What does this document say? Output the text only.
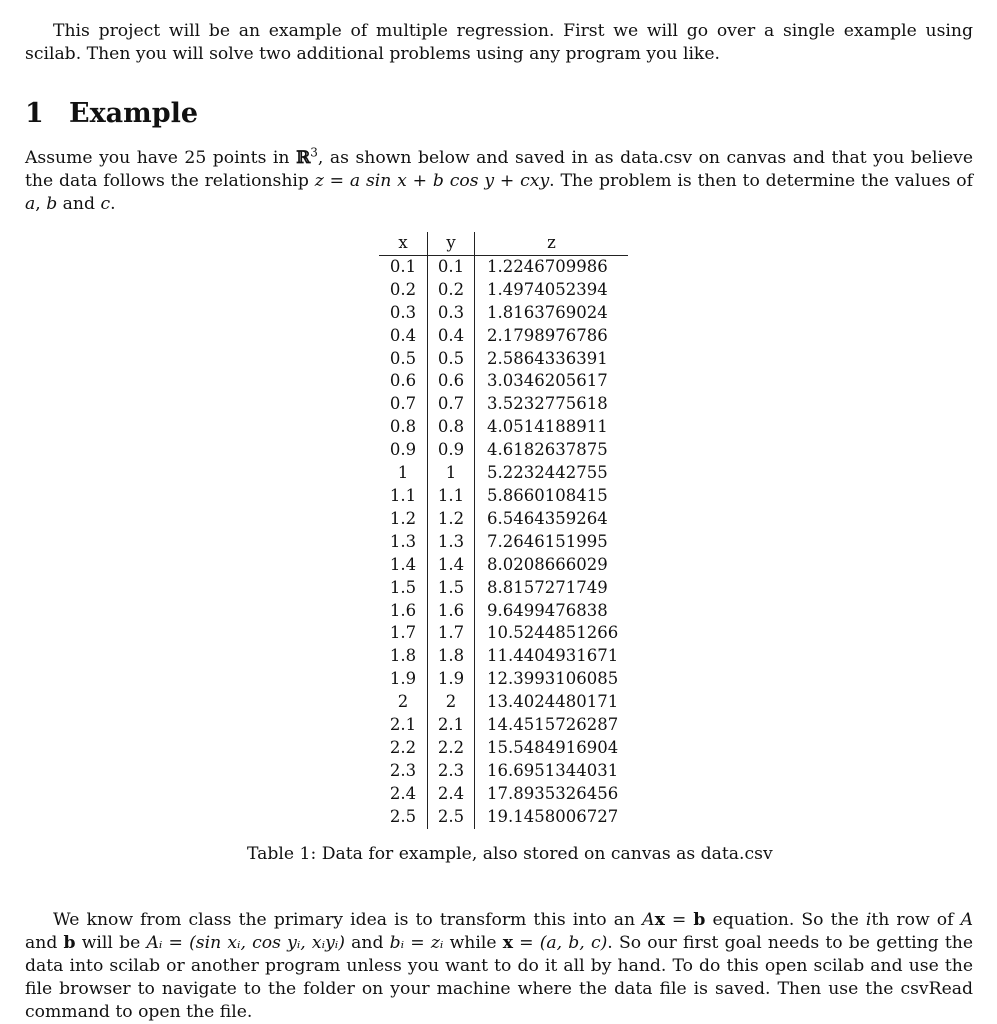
This project will be an example of multiple regression. First we will go over a single example using scilab. Then you will solve two additional problems using any program you like.

1 Example

Assume you have 25 points in ℝ$^3$, as shown below and saved in as data.csv on canvas and that you believe the data follows the relationship z = a sin x + b cos y + cxy. The problem is then to determine the values of a, b and c.

x	y	z
0.1	0.1	1.2246709986
0.2	0.2	1.4974052394
0.3	0.3	1.8163769024
0.4	0.4	2.1798976786
0.5	0.5	2.5864336391
0.6	0.6	3.0346205617
0.7	0.7	3.5232775618
0.8	0.8	4.0514188911
0.9	0.9	4.6182637875
1	1	5.2232442755
1.1	1.1	5.8660108415
1.2	1.2	6.5464359264
1.3	1.3	7.2646151995
1.4	1.4	8.0208666029
1.5	1.5	8.8157271749
1.6	1.6	9.6499476838
1.7	1.7	10.5244851266
1.8	1.8	11.4404931671
1.9	1.9	12.3993106085
2	2	13.4024480171
2.1	2.1	14.4515726287
2.2	2.2	15.5484916904
2.3	2.3	16.6951344031
2.4	2.4	17.8935326456
2.5	2.5	19.1458006727

Table 1: Data for example, also stored on canvas as data.csv

We know from class the primary idea is to transform this into an Ax = b equation. So the ith row of A and b will be Aᵢ = (sin xᵢ, cos yᵢ, xᵢyᵢ) and bᵢ = zᵢ while x = (a, b, c). So our first goal needs to be getting the data into scilab or another program unless you want to do it all by hand. To do this open scilab and use the file browser to navigate to the folder on your machine where the data file is saved. Then use the csvRead command to open the file.
